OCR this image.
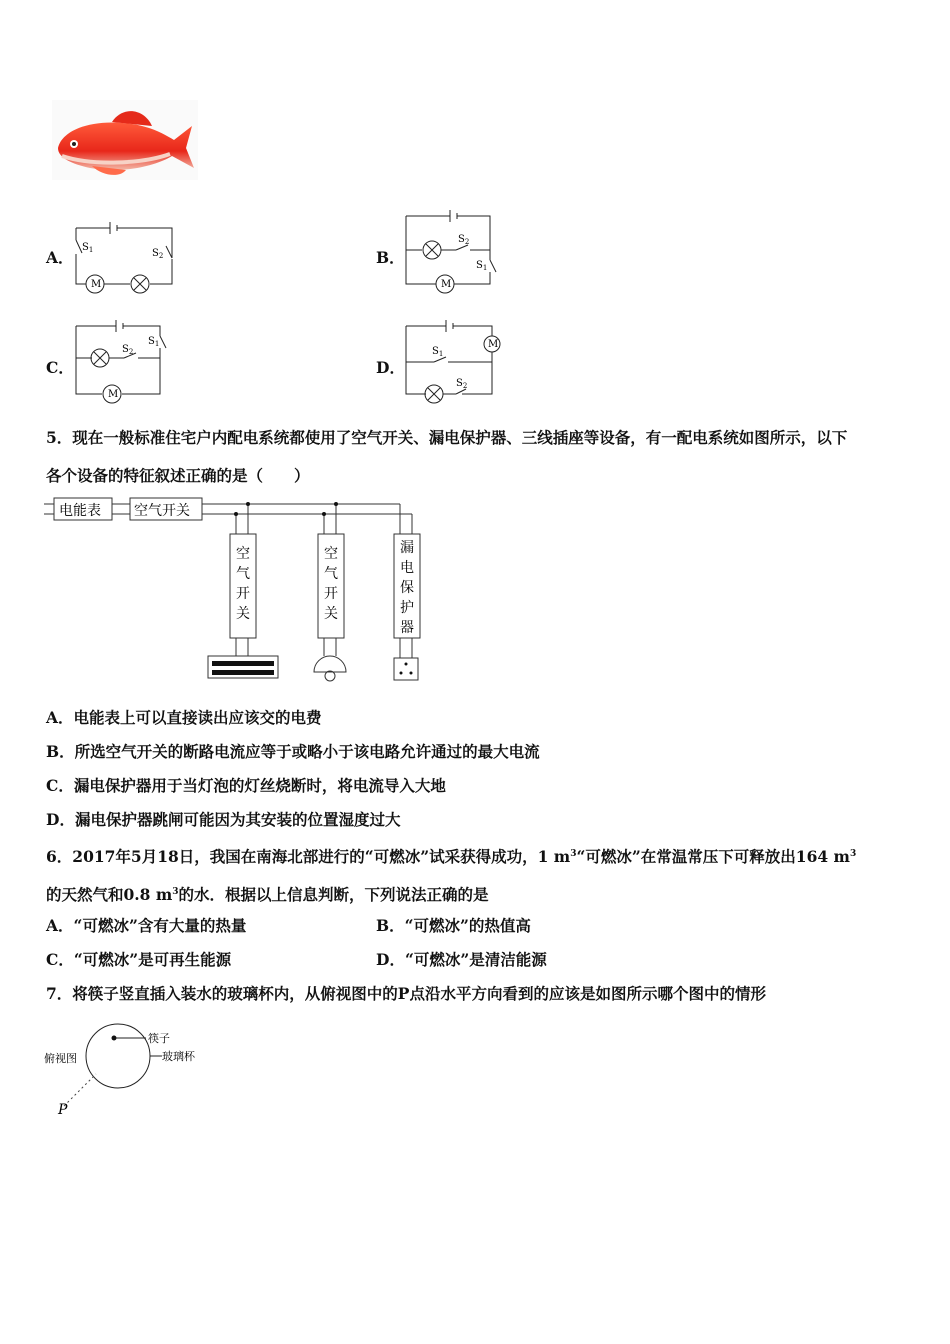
A．
$S_1$	$S_2$
M
B．
$S_2$
$S_1$
M
C．
$S_2$
$S_1$
M
D．
$S_1$
$S_2$
M
5．现在一般标准住宅户内配电系统都使用了空气开关、漏电保护器、三线插座等设备，有一配电系统如图所示，以下
各个设备的特征叙述正确的是（　　）
电能表 空气开关
空
气
开
关
空
气
开
关
漏
电
保
护
器
A．电能表上可以直接读出应该交的电费
B．所选空气开关的断路电流应等于或略小于该电路允许通过的最大电流
C．漏电保护器用于当灯泡的灯丝烧断时，将电流导入大地
D．漏电保护器跳闸可能因为其安装的位置湿度过大
6．2017年5月18日，我国在南海北部进行的“可燃冰”试采获得成功，1 $m^3“$可燃冰”在常温常压下可释放出164 $m^3$
的天然气和0.8 $m^3$的水．根据以上信息判断，下列说法正确的是
A．“可燃冰”含有大量的热量	B．“可燃冰”的热值高
C．“可燃冰”是可再生能源	D．“可燃冰”是清洁能源
7．将筷子竖直插入装水的玻璃杯内，从俯视图中的P点沿水平方向看到的应该是如图所示哪个图中的情形
俯视图
筷子
玻璃杯
P
